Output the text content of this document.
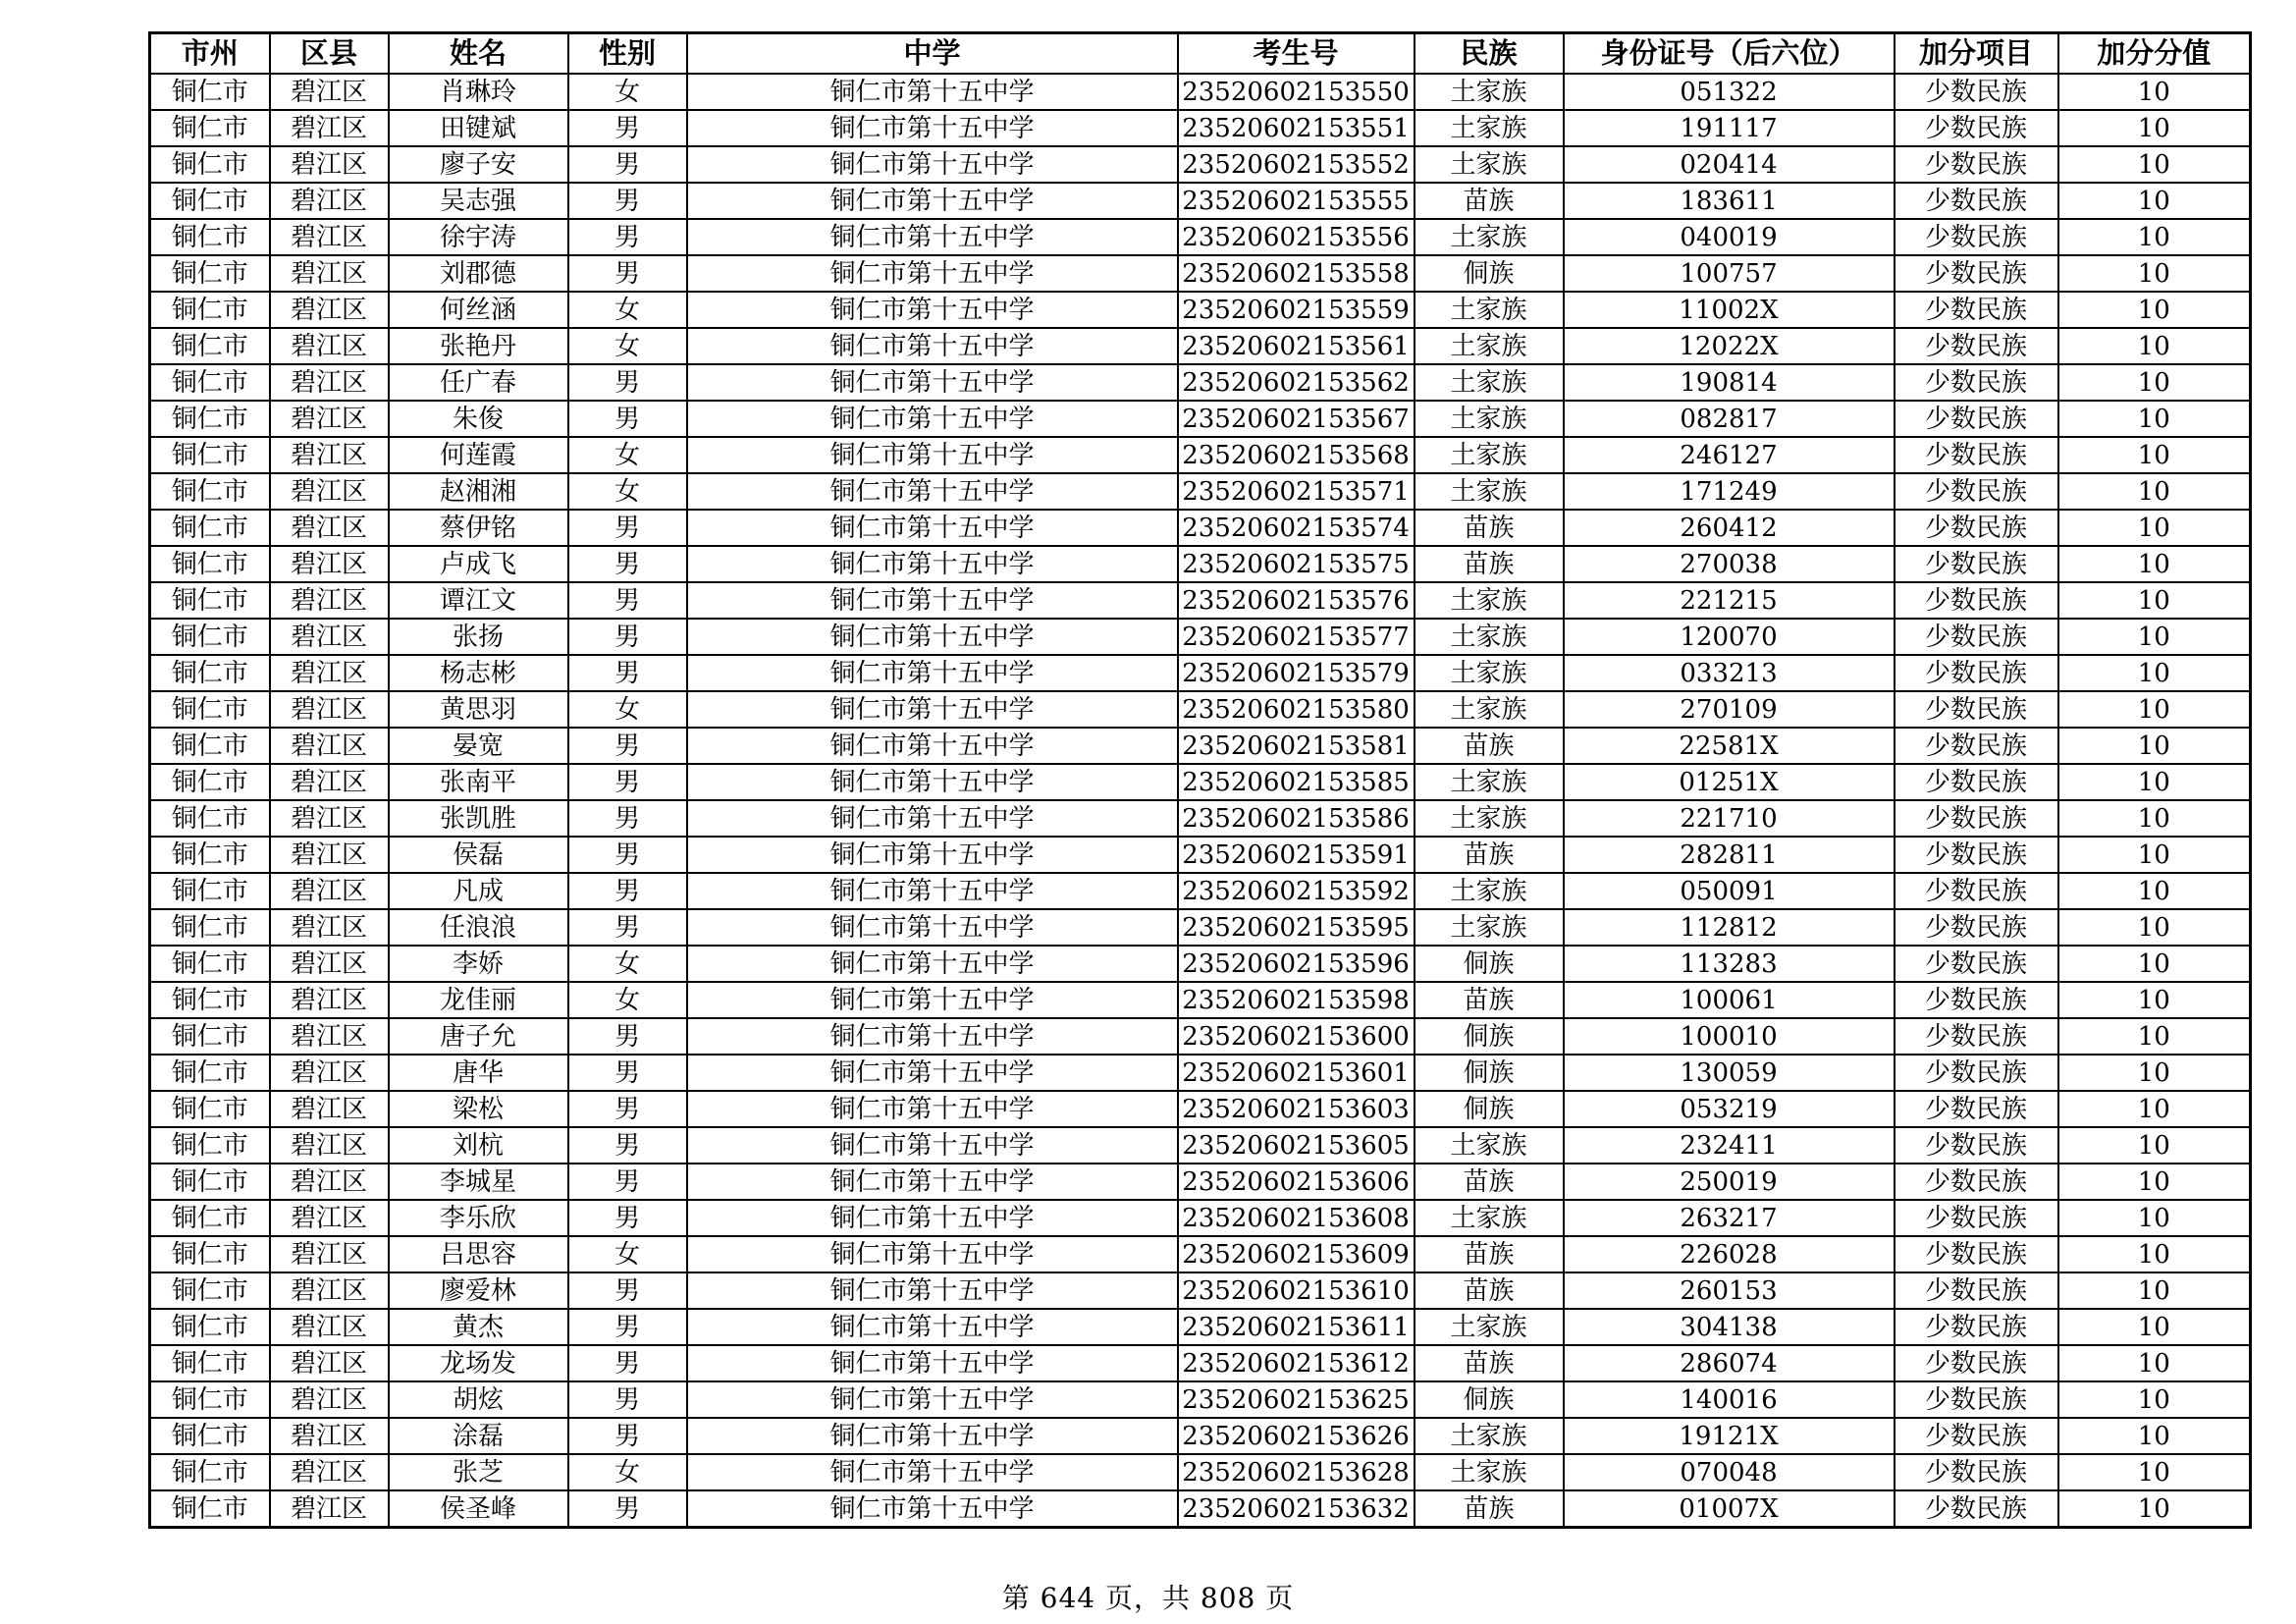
市州	区县	姓名	性别	中学	考生号	民族	身份证号（后六位）	加分项目	加分分值
铜仁市	碧江区	肖琳玲	女	铜仁市第十五中学	23520602153550	土家族	051322	少数民族	10
铜仁市	碧江区	田键斌	男	铜仁市第十五中学	23520602153551	土家族	191117	少数民族	10
铜仁市	碧江区	廖子安	男	铜仁市第十五中学	23520602153552	土家族	020414	少数民族	10
铜仁市	碧江区	吴志强	男	铜仁市第十五中学	23520602153555	苗族	183611	少数民族	10
铜仁市	碧江区	徐宇涛	男	铜仁市第十五中学	23520602153556	土家族	040019	少数民族	10
铜仁市	碧江区	刘郡德	男	铜仁市第十五中学	23520602153558	侗族	100757	少数民族	10
铜仁市	碧江区	何丝涵	女	铜仁市第十五中学	23520602153559	土家族	11002X	少数民族	10
铜仁市	碧江区	张艳丹	女	铜仁市第十五中学	23520602153561	土家族	12022X	少数民族	10
铜仁市	碧江区	任广春	男	铜仁市第十五中学	23520602153562	土家族	190814	少数民族	10
铜仁市	碧江区	朱俊	男	铜仁市第十五中学	23520602153567	土家族	082817	少数民族	10
铜仁市	碧江区	何莲霞	女	铜仁市第十五中学	23520602153568	土家族	246127	少数民族	10
铜仁市	碧江区	赵湘湘	女	铜仁市第十五中学	23520602153571	土家族	171249	少数民族	10
铜仁市	碧江区	蔡伊铭	男	铜仁市第十五中学	23520602153574	苗族	260412	少数民族	10
铜仁市	碧江区	卢成飞	男	铜仁市第十五中学	23520602153575	苗族	270038	少数民族	10
铜仁市	碧江区	谭江文	男	铜仁市第十五中学	23520602153576	土家族	221215	少数民族	10
铜仁市	碧江区	张扬	男	铜仁市第十五中学	23520602153577	土家族	120070	少数民族	10
铜仁市	碧江区	杨志彬	男	铜仁市第十五中学	23520602153579	土家族	033213	少数民族	10
铜仁市	碧江区	黄思羽	女	铜仁市第十五中学	23520602153580	土家族	270109	少数民族	10
铜仁市	碧江区	晏宽	男	铜仁市第十五中学	23520602153581	苗族	22581X	少数民族	10
铜仁市	碧江区	张南平	男	铜仁市第十五中学	23520602153585	土家族	01251X	少数民族	10
铜仁市	碧江区	张凯胜	男	铜仁市第十五中学	23520602153586	土家族	221710	少数民族	10
铜仁市	碧江区	侯磊	男	铜仁市第十五中学	23520602153591	苗族	282811	少数民族	10
铜仁市	碧江区	凡成	男	铜仁市第十五中学	23520602153592	土家族	050091	少数民族	10
铜仁市	碧江区	任浪浪	男	铜仁市第十五中学	23520602153595	土家族	112812	少数民族	10
铜仁市	碧江区	李娇	女	铜仁市第十五中学	23520602153596	侗族	113283	少数民族	10
铜仁市	碧江区	龙佳丽	女	铜仁市第十五中学	23520602153598	苗族	100061	少数民族	10
铜仁市	碧江区	唐子允	男	铜仁市第十五中学	23520602153600	侗族	100010	少数民族	10
铜仁市	碧江区	唐华	男	铜仁市第十五中学	23520602153601	侗族	130059	少数民族	10
铜仁市	碧江区	梁松	男	铜仁市第十五中学	23520602153603	侗族	053219	少数民族	10
铜仁市	碧江区	刘杭	男	铜仁市第十五中学	23520602153605	土家族	232411	少数民族	10
铜仁市	碧江区	李城星	男	铜仁市第十五中学	23520602153606	苗族	250019	少数民族	10
铜仁市	碧江区	李乐欣	男	铜仁市第十五中学	23520602153608	土家族	263217	少数民族	10
铜仁市	碧江区	吕思容	女	铜仁市第十五中学	23520602153609	苗族	226028	少数民族	10
铜仁市	碧江区	廖爱林	男	铜仁市第十五中学	23520602153610	苗族	260153	少数民族	10
铜仁市	碧江区	黄杰	男	铜仁市第十五中学	23520602153611	土家族	304138	少数民族	10
铜仁市	碧江区	龙场发	男	铜仁市第十五中学	23520602153612	苗族	286074	少数民族	10
铜仁市	碧江区	胡炫	男	铜仁市第十五中学	23520602153625	侗族	140016	少数民族	10
铜仁市	碧江区	涂磊	男	铜仁市第十五中学	23520602153626	土家族	19121X	少数民族	10
铜仁市	碧江区	张芝	女	铜仁市第十五中学	23520602153628	土家族	070048	少数民族	10
铜仁市	碧江区	侯圣峰	男	铜仁市第十五中学	23520602153632	苗族	01007X	少数民族	10
第 644 页，共 808 页
